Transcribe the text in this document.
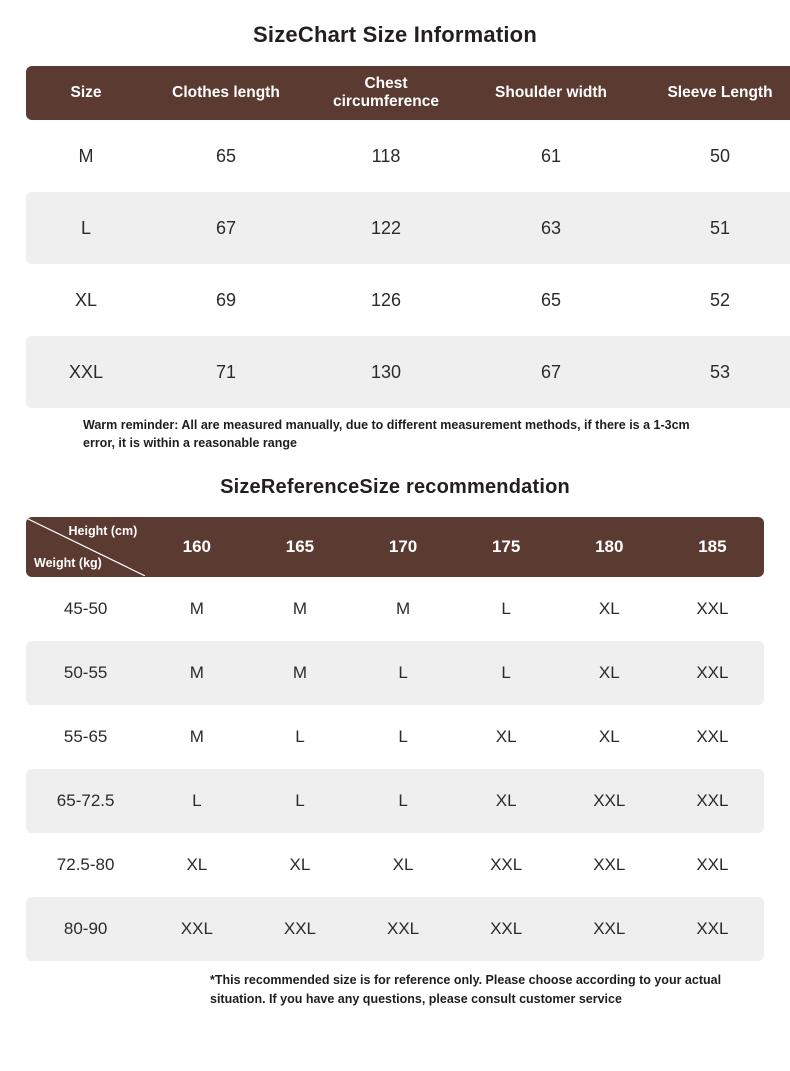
SizeChart Size Information
Size	Clothes length	Chest circumference	Shoulder width	Sleeve Length
M	65	118	61	50
L	67	122	63	51
XL	69	126	65	52
XXL	71	130	67	53
Warm reminder: All are measured manually, due to different measurement methods, if there is a 1-3cm error, it is within a reasonable range
SizeReferenceSize recommendation
Height (cm)
Weight (kg)	160	165	170	175	180	185
45-50	M	M	M	L	XL	XXL
50-55	M	M	L	L	XL	XXL
55-65	M	L	L	XL	XL	XXL
65-72.5	L	L	L	XL	XXL	XXL
72.5-80	XL	XL	XL	XXL	XXL	XXL
80-90	XXL	XXL	XXL	XXL	XXL	XXL
*This recommended size is for reference only. Please choose according to your actual situation. If you have any questions, please consult customer service
